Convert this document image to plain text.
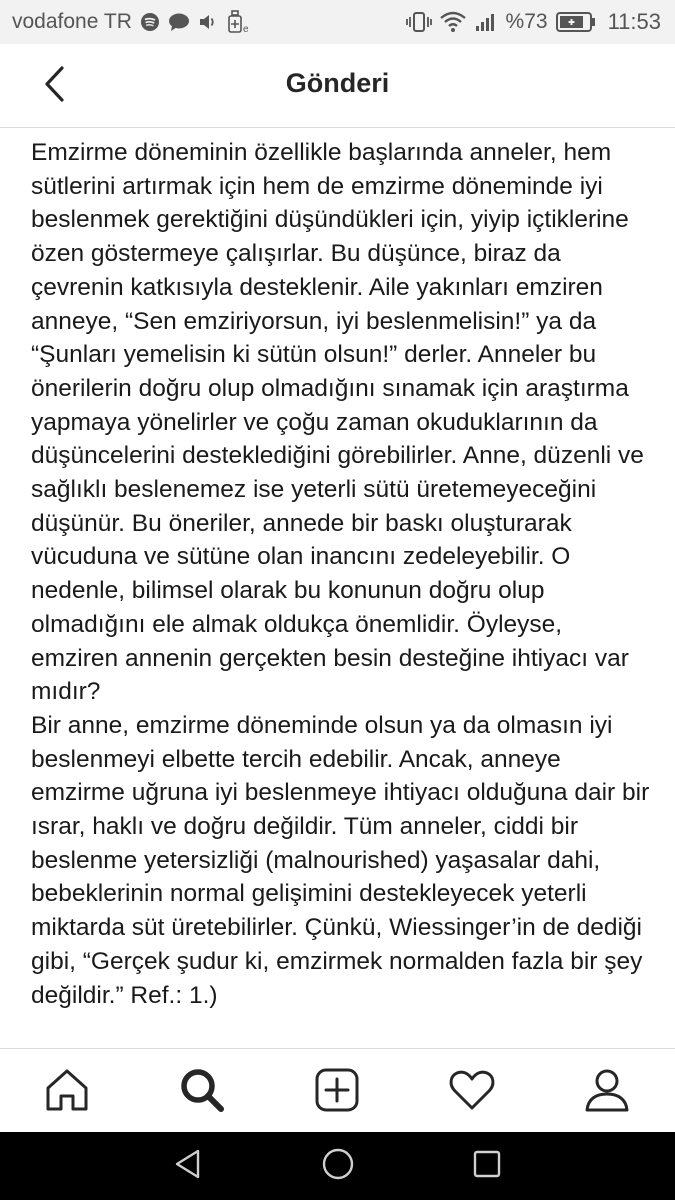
vodafone TR	e	%73	11:53
Gönderi

Emzirme döneminin özellikle başlarında anneler, hem sütlerini artırmak için hem de emzirme döneminde iyi beslenmek gerektiğini düşündükleri için, yiyip içtiklerine özen göstermeye çalışırlar. Bu düşünce, biraz da çevrenin katkısıyla desteklenir. Aile yakınları emziren anneye, “Sen emziriyorsun, iyi beslenmelisin!” ya da “Şunları yemelisin ki sütün olsun!” derler. Anneler bu önerilerin doğru olup olmadığını sınamak için araştırma yapmaya yönelirler ve çoğu zaman okuduklarının da düşüncelerini desteklediğini görebilirler. Anne, düzenli ve sağlıklı beslenemez ise yeterli sütü üretemeyeceğini düşünür. Bu öneriler, annede bir baskı oluşturarak vücuduna ve sütüne olan inancını zedeleyebilir. O nedenle, bilimsel olarak bu konunun doğru olup olmadığını ele almak oldukça önemlidir. Öyleyse, emziren annenin gerçekten besin desteğine ihtiyacı var mıdır?

Bir anne, emzirme döneminde olsun ya da olmasın iyi beslenmeyi elbette tercih edebilir. Ancak, anneye emzirme uğruna iyi beslenmeye ihtiyacı olduğuna dair bir ısrar, haklı ve doğru değildir. Tüm anneler, ciddi bir beslenme yetersizliği (malnourished) yaşasalar dahi, bebeklerinin normal gelişimini destekleyecek yeterli miktarda süt üretebilirler. Çünkü, Wiessinger’in de dediği gibi, “Gerçek şudur ki, emzirmek normalden fazla bir şey değildir.” Ref.: 1.)
